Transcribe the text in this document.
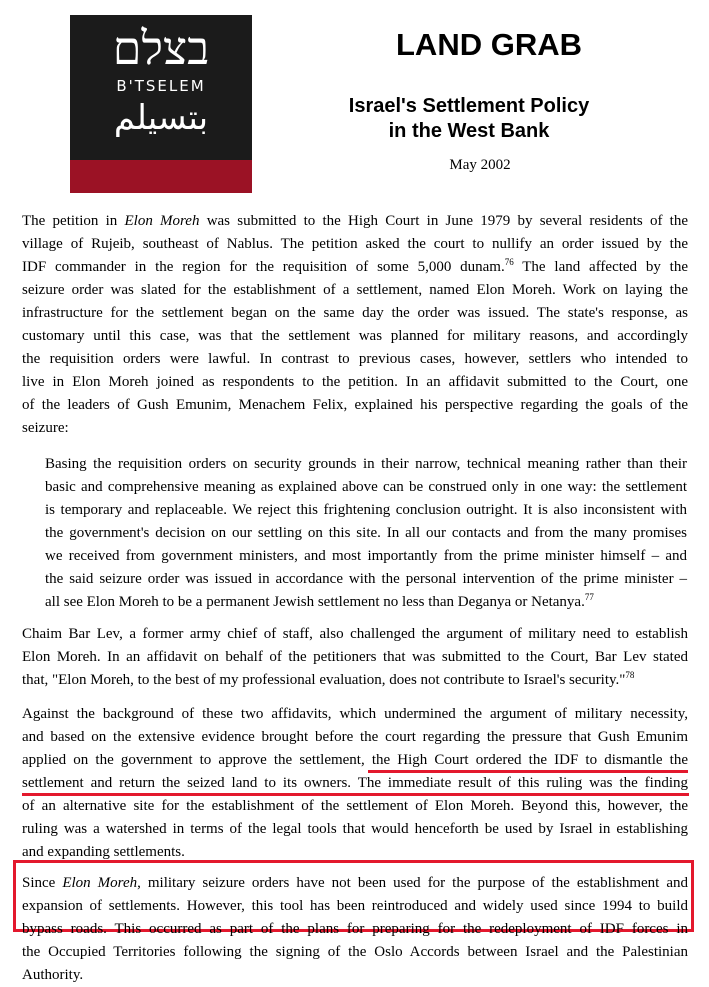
בצלם
B'TSELEM
بتسيلم
LAND GRAB
Israel's Settlement Policy
in the West Bank
May 2002
The petition in Elon Moreh was submitted to the High Court in June 1979 by several residents of the
village of Rujeib, southeast of Nablus. The petition asked the court to nullify an order issued by the
IDF commander in the region for the requisition of some 5,000 dunam.$^{76}$ The land affected by the
seizure order was slated for the establishment of a settlement, named Elon Moreh. Work on laying the
infrastructure for the settlement began on the same day the order was issued. The state's response, as
customary until this case, was that the settlement was planned for military reasons, and accordingly
the requisition orders were lawful. In contrast to previous cases, however, settlers who intended to
live in Elon Moreh joined as respondents to the petition. In an affidavit submitted to the Court, one
of the leaders of Gush Emunim, Menachem Felix, explained his perspective regarding the goals of the
seizure:
Basing the requisition orders on security grounds in their narrow, technical meaning rather than their
basic and comprehensive meaning as explained above can be construed only in one way: the settlement
is temporary and replaceable. We reject this frightening conclusion outright. It is also inconsistent with
the government's decision on our settling on this site. In all our contacts and from the many promises
we received from government ministers, and most importantly from the prime minister himself – and
the said seizure order was issued in accordance with the personal intervention of the prime minister –
all see Elon Moreh to be a permanent Jewish settlement no less than Deganya or Netanya.$^{77}$
Chaim Bar Lev, a former army chief of staff, also challenged the argument of military need to establish
Elon Moreh. In an affidavit on behalf of the petitioners that was submitted to the Court, Bar Lev stated
that, "Elon Moreh, to the best of my professional evaluation, does not contribute to Israel's security."$^{78}$
Against the background of these two affidavits, which undermined the argument of military necessity,
and based on the extensive evidence brought before the court regarding the pressure that Gush Emunim
applied on the government to approve the settlement, the High Court ordered the IDF to dismantle the
settlement and return the seized land to its owners. The immediate result of this ruling was the finding
of an alternative site for the establishment of the settlement of Elon Moreh. Beyond this, however, the
ruling was a watershed in terms of the legal tools that would henceforth be used by Israel in establishing
and expanding settlements.
Since Elon Moreh, military seizure orders have not been used for the purpose of the establishment and
expansion of settlements. However, this tool has been reintroduced and widely used since 1994 to build
bypass roads. This occurred as part of the plans for preparing for the redeployment of IDF forces in
the Occupied Territories following the signing of the Oslo Accords between Israel and the Palestinian
Authority.
